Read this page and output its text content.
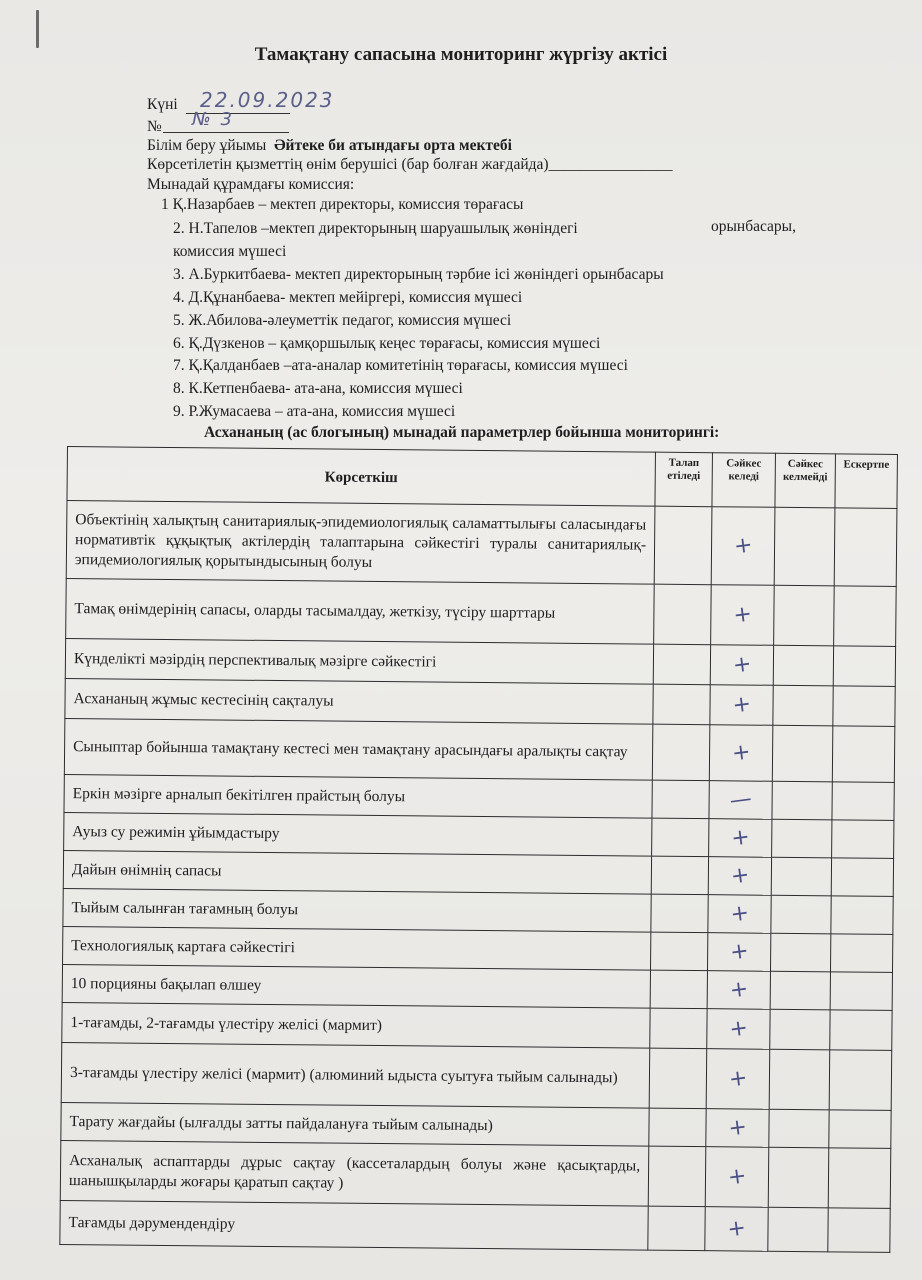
Тамақтану сапасына мониторинг жүргізу актісі
Күні 22.09.2023
№ № 3
Білім беру ұйымы Әйтеке би атындағы орта мектебі
Көрсетілетін қызметтің өнім берушісі (бар болған жағдайда)________________
Мынадай құрамдағы комиссия:
1 Қ.Назарбаев – мектеп директоры, комиссия төрағасы
2. Н.Тапелов –мектеп директорының шаруашылық жөніндегі	орынбасары,
комиссия мүшесі
3. А.Буркитбаева- мектеп директорының тәрбие ісі жөніндегі орынбасары
4. Д.Құнанбаева- мектеп мейіргері, комиссия мүшесі
5. Ж.Абилова-әлеуметтік педагог, комиссия мүшесі
6. Қ.Дүзкенов – қамқоршылық кеңес төрағасы, комиссия мүшесі
7. Қ.Қалданбаев –ата-аналар комитетінің төрағасы, комиссия мүшесі
8. К.Кетпенбаева- ата-ана, комиссия мүшесі
9. Р.Жумасаева – ата-ана, комиссия мүшесі
Асхананың (ас блогының) мынадай параметрлер бойынша мониторингі:
Көрсеткіш	Талап етіледі	Сәйкес келеді	Сәйкес келмейді	Ескертпе
Объектінің халықтың санитариялық-эпидемиологиялық саламаттылығы саласындағы нормативтік құқықтық актілердің талаптарына сәйкестігі туралы санитариялық-эпидемиологиялық қорытындысының болуы		+		
Тамақ өнімдерінің сапасы, оларды тасымалдау, жеткізу, түсіру шарттары		+		
Күнделікті мәзірдің перспективалық мәзірге сәйкестігі		+		
Асхананың жұмыс кестесінің сақталуы		+		
Сыныптар бойынша тамақтану кестесі мен тамақтану арасындағы аралықты сақтау		+		
Еркін мәзірге арналып бекітілген прайстың болуы		—		
Ауыз су режимін ұйымдастыру		+		
Дайын өнімнің сапасы		+		
Тыйым салынған тағамның болуы		+		
Технологиялық картаға сәйкестігі		+		
10 порцияны бақылап өлшеу		+		
1-тағамды, 2-тағамды үлестіру желісі (мармит)		+		
3-тағамды үлестіру желісі (мармит) (алюминий ыдыста суытуға тыйым салынады)		+		
Тарату жағдайы (ылғалды затты пайдалануға тыйым салынады)		+		
Асханалық аспаптарды дұрыс сақтау (кассеталардың болуы және қасықтарды, шанышқыларды жоғары қаратып сақтау )		+		
Тағамды дәрумендендіру		+		
